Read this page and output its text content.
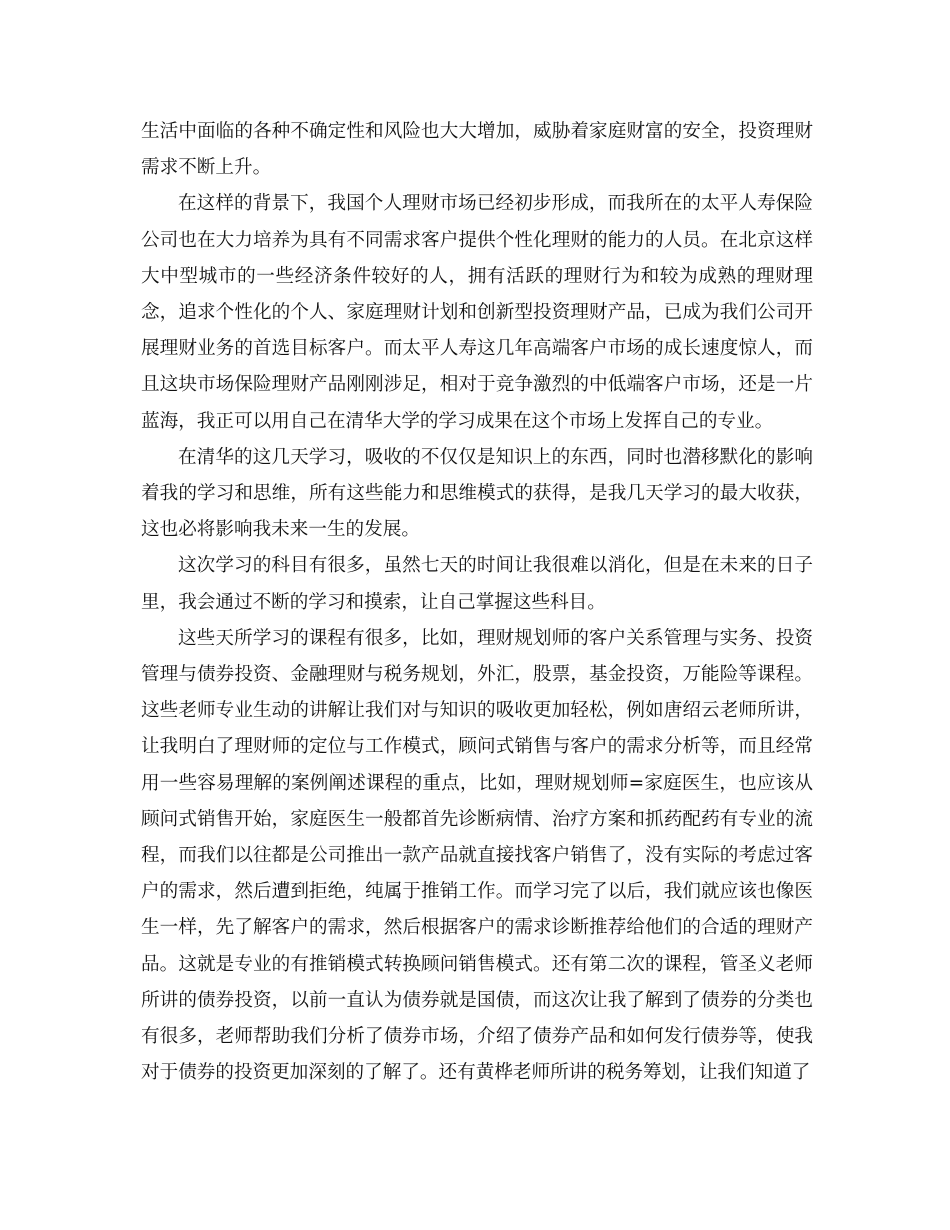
生活中面临的各种不确定性和风险也大大增加，威胁着家庭财富的安全，投资理财需求不断上升。

在这样的背景下，我国个人理财市场已经初步形成，而我所在的太平人寿保险公司也在大力培养为具有不同需求客户提供个性化理财的能力的人员。在北京这样大中型城市的一些经济条件较好的人，拥有活跃的理财行为和较为成熟的理财理念，追求个性化的个人、家庭理财计划和创新型投资理财产品，已成为我们公司开展理财业务的首选目标客户。而太平人寿这几年高端客户市场的成长速度惊人，而且这块市场保险理财产品刚刚涉足，相对于竞争激烈的中低端客户市场，还是一片蓝海，我正可以用自己在清华大学的学习成果在这个市场上发挥自己的专业。

在清华的这几天学习，吸收的不仅仅是知识上的东西，同时也潜移默化的影响着我的学习和思维，所有这些能力和思维模式的获得，是我几天学习的最大收获，这也必将影响我未来一生的发展。

这次学习的科目有很多，虽然七天的时间让我很难以消化，但是在未来的日子里，我会通过不断的学习和摸索，让自己掌握这些科目。

这些天所学习的课程有很多，比如，理财规划师的客户关系管理与实务、投资管理与债券投资、金融理财与税务规划，外汇，股票，基金投资，万能险等课程。这些老师专业生动的讲解让我们对与知识的吸收更加轻松，例如唐绍云老师所讲，让我明白了理财师的定位与工作模式，顾问式销售与客户的需求分析等，而且经常用一些容易理解的案例阐述课程的重点，比如，理财规划师=家庭医生，也应该从顾问式销售开始，家庭医生一般都首先诊断病情、治疗方案和抓药配药有专业的流程，而我们以往都是公司推出一款产品就直接找客户销售了，没有实际的考虑过客户的需求，然后遭到拒绝，纯属于推销工作。而学习完了以后，我们就应该也像医生一样，先了解客户的需求，然后根据客户的需求诊断推荐给他们的合适的理财产品。这就是专业的有推销模式转换顾问销售模式。还有第二次的课程，管圣义老师所讲的债券投资，以前一直认为债券就是国债，而这次让我了解到了债券的分类也有很多，老师帮助我们分析了债券市场，介绍了债券产品和如何发行债券等，使我对于债券的投资更加深刻的了解了。还有黄桦老师所讲的税务筹划，让我们知道了
